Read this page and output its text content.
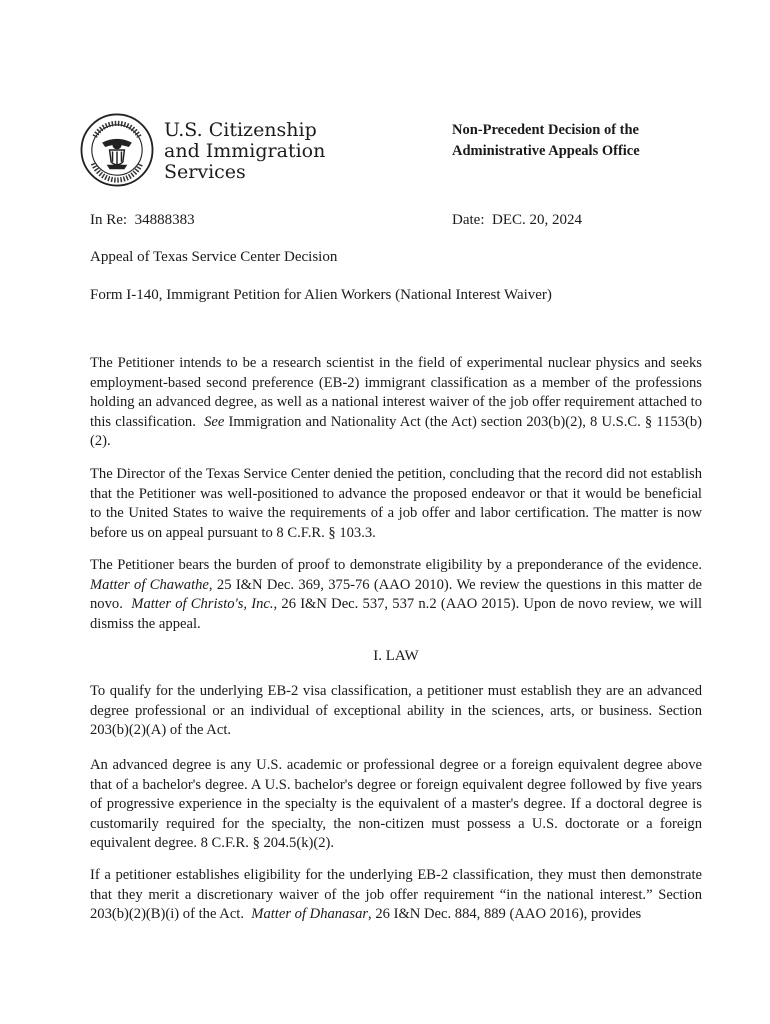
U.S. Citizenship
and Immigration
Services
Non-Precedent Decision of the
Administrative Appeals Office
In Re: 34888383	Date: DEC. 20, 2024
Appeal of Texas Service Center Decision
Form I-140, Immigrant Petition for Alien Workers (National Interest Waiver)

The Petitioner intends to be a research scientist in the field of experimental nuclear physics and seeks employment-based second preference (EB-2) immigrant classification as a member of the professions holding an advanced degree, as well as a national interest waiver of the job offer requirement attached to this classification. See Immigration and Nationality Act (the Act) section 203(b)(2), 8 U.S.C. § 1153(b)(2).

The Director of the Texas Service Center denied the petition, concluding that the record did not establish that the Petitioner was well-positioned to advance the proposed endeavor or that it would be beneficial to the United States to waive the requirements of a job offer and labor certification. The matter is now before us on appeal pursuant to 8 C.F.R. § 103.3.

The Petitioner bears the burden of proof to demonstrate eligibility by a preponderance of the evidence. Matter of Chawathe, 25 I&N Dec. 369, 375-76 (AAO 2010). We review the questions in this matter de novo. Matter of Christo's, Inc., 26 I&N Dec. 537, 537 n.2 (AAO 2015). Upon de novo review, we will dismiss the appeal.

I. LAW

To qualify for the underlying EB-2 visa classification, a petitioner must establish they are an advanced degree professional or an individual of exceptional ability in the sciences, arts, or business. Section 203(b)(2)(A) of the Act.

An advanced degree is any U.S. academic or professional degree or a foreign equivalent degree above that of a bachelor's degree. A U.S. bachelor's degree or foreign equivalent degree followed by five years of progressive experience in the specialty is the equivalent of a master's degree. If a doctoral degree is customarily required for the specialty, the non-citizen must possess a U.S. doctorate or a foreign equivalent degree. 8 C.F.R. § 204.5(k)(2).

If a petitioner establishes eligibility for the underlying EB-2 classification, they must then demonstrate that they merit a discretionary waiver of the job offer requirement “in the national interest.” Section 203(b)(2)(B)(i) of the Act. Matter of Dhanasar, 26 I&N Dec. 884, 889 (AAO 2016), provides
